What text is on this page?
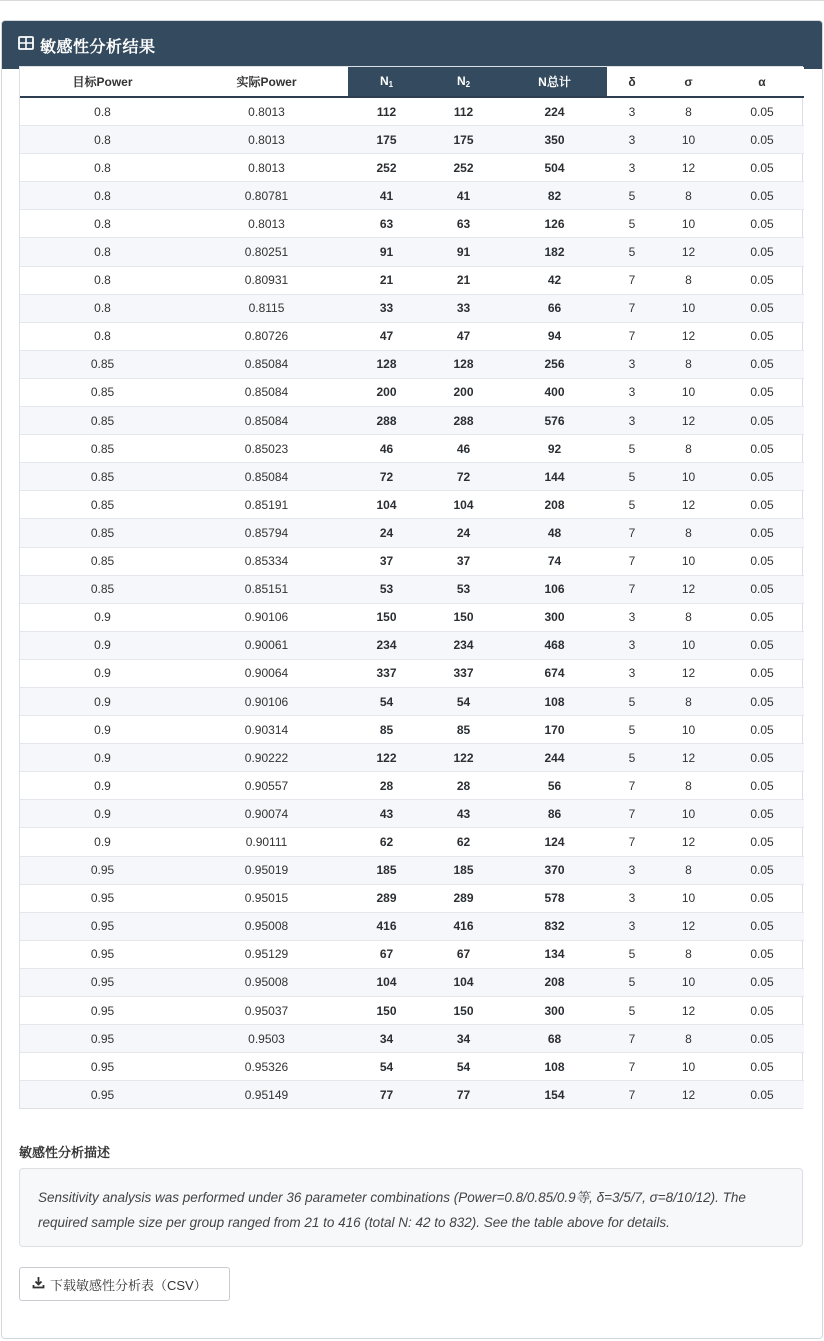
敏感性分析结果
目标Power	实际Power	$N_1$	$N_2$	N总计	δ	σ	α
0.8	0.8013	112	112	224	3	8	0.05
0.8	0.8013	175	175	350	3	10	0.05
0.8	0.8013	252	252	504	3	12	0.05
0.8	0.80781	41	41	82	5	8	0.05
0.8	0.8013	63	63	126	5	10	0.05
0.8	0.80251	91	91	182	5	12	0.05
0.8	0.80931	21	21	42	7	8	0.05
0.8	0.8115	33	33	66	7	10	0.05
0.8	0.80726	47	47	94	7	12	0.05
0.85	0.85084	128	128	256	3	8	0.05
0.85	0.85084	200	200	400	3	10	0.05
0.85	0.85084	288	288	576	3	12	0.05
0.85	0.85023	46	46	92	5	8	0.05
0.85	0.85084	72	72	144	5	10	0.05
0.85	0.85191	104	104	208	5	12	0.05
0.85	0.85794	24	24	48	7	8	0.05
0.85	0.85334	37	37	74	7	10	0.05
0.85	0.85151	53	53	106	7	12	0.05
0.9	0.90106	150	150	300	3	8	0.05
0.9	0.90061	234	234	468	3	10	0.05
0.9	0.90064	337	337	674	3	12	0.05
0.9	0.90106	54	54	108	5	8	0.05
0.9	0.90314	85	85	170	5	10	0.05
0.9	0.90222	122	122	244	5	12	0.05
0.9	0.90557	28	28	56	7	8	0.05
0.9	0.90074	43	43	86	7	10	0.05
0.9	0.90111	62	62	124	7	12	0.05
0.95	0.95019	185	185	370	3	8	0.05
0.95	0.95015	289	289	578	3	10	0.05
0.95	0.95008	416	416	832	3	12	0.05
0.95	0.95129	67	67	134	5	8	0.05
0.95	0.95008	104	104	208	5	10	0.05
0.95	0.95037	150	150	300	5	12	0.05
0.95	0.9503	34	34	68	7	8	0.05
0.95	0.95326	54	54	108	7	10	0.05
0.95	0.95149	77	77	154	7	12	0.05
敏感性分析描述
Sensitivity analysis was performed under 36 parameter combinations (Power=0.8/0.85/0.9等, δ=3/5/7, σ=8/10/12). The required sample size per group ranged from 21 to 416 (total N: 42 to 832). See the table above for details.
下载敏感性分析表（CSV）
